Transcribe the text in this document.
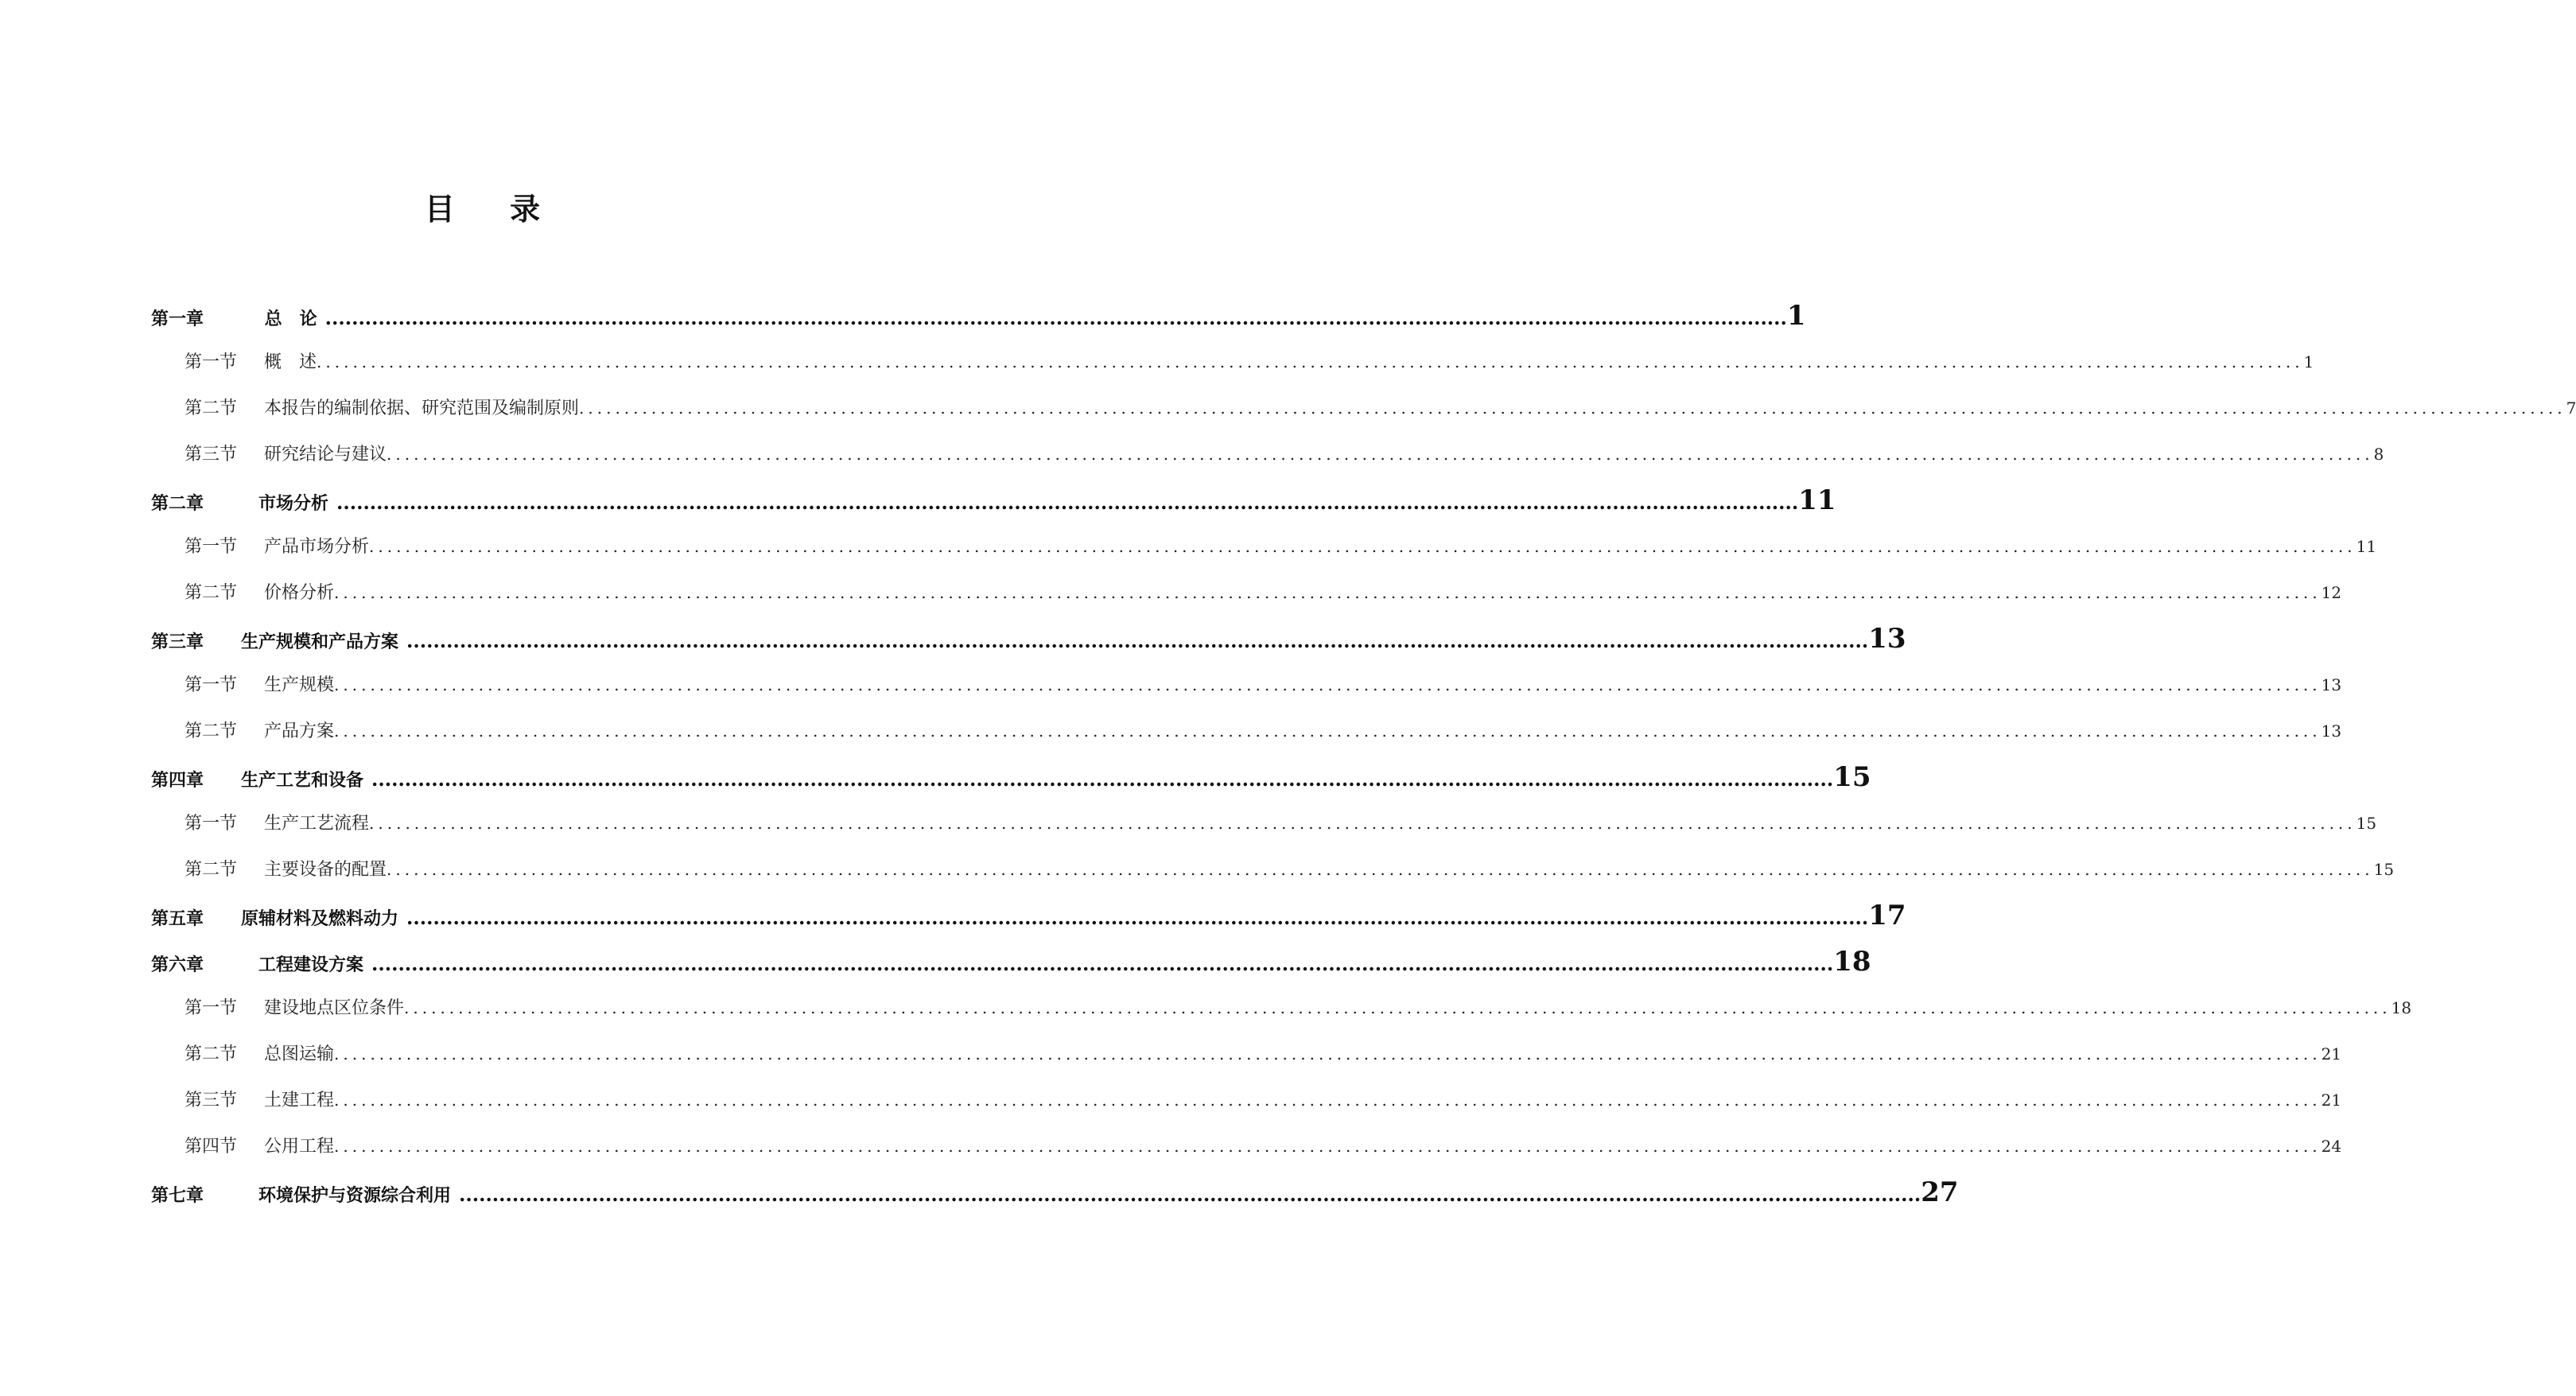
目 录
第一章	　 总　论 ............................................................................................................................................................................................................................ 1
第一节	概　述 ............................................................................................................................................................................................................................ 1
第二节	本报告的编制依据、研究范围及编制原则 ............................................................................................................................................................................................................................ 7
第三节	研究结论与建议 ............................................................................................................................................................................................................................ 8
第二章	　市场分析 ............................................................................................................................................................................................................................ 11
第一节	产品市场分析 ............................................................................................................................................................................................................................ 11
第二节	价格分析 ............................................................................................................................................................................................................................ 12
第三章	生产规模和产品方案 ............................................................................................................................................................................................................................ 13
第一节	生产规模 ............................................................................................................................................................................................................................ 13
第二节	产品方案 ............................................................................................................................................................................................................................ 13
第四章	生产工艺和设备 ............................................................................................................................................................................................................................ 15
第一节	生产工艺流程 ............................................................................................................................................................................................................................ 15
第二节	主要设备的配置 ............................................................................................................................................................................................................................ 15
第五章	原辅材料及燃料动力 ............................................................................................................................................................................................................................ 17
第六章	　工程建设方案 ............................................................................................................................................................................................................................ 18
第一节	建设地点区位条件 ............................................................................................................................................................................................................................ 18
第二节	总图运输 ............................................................................................................................................................................................................................ 21
第三节	土建工程 ............................................................................................................................................................................................................................ 21
第四节	公用工程 ............................................................................................................................................................................................................................ 24
第七章	　环境保护与资源综合利用 ............................................................................................................................................................................................................................ 27
